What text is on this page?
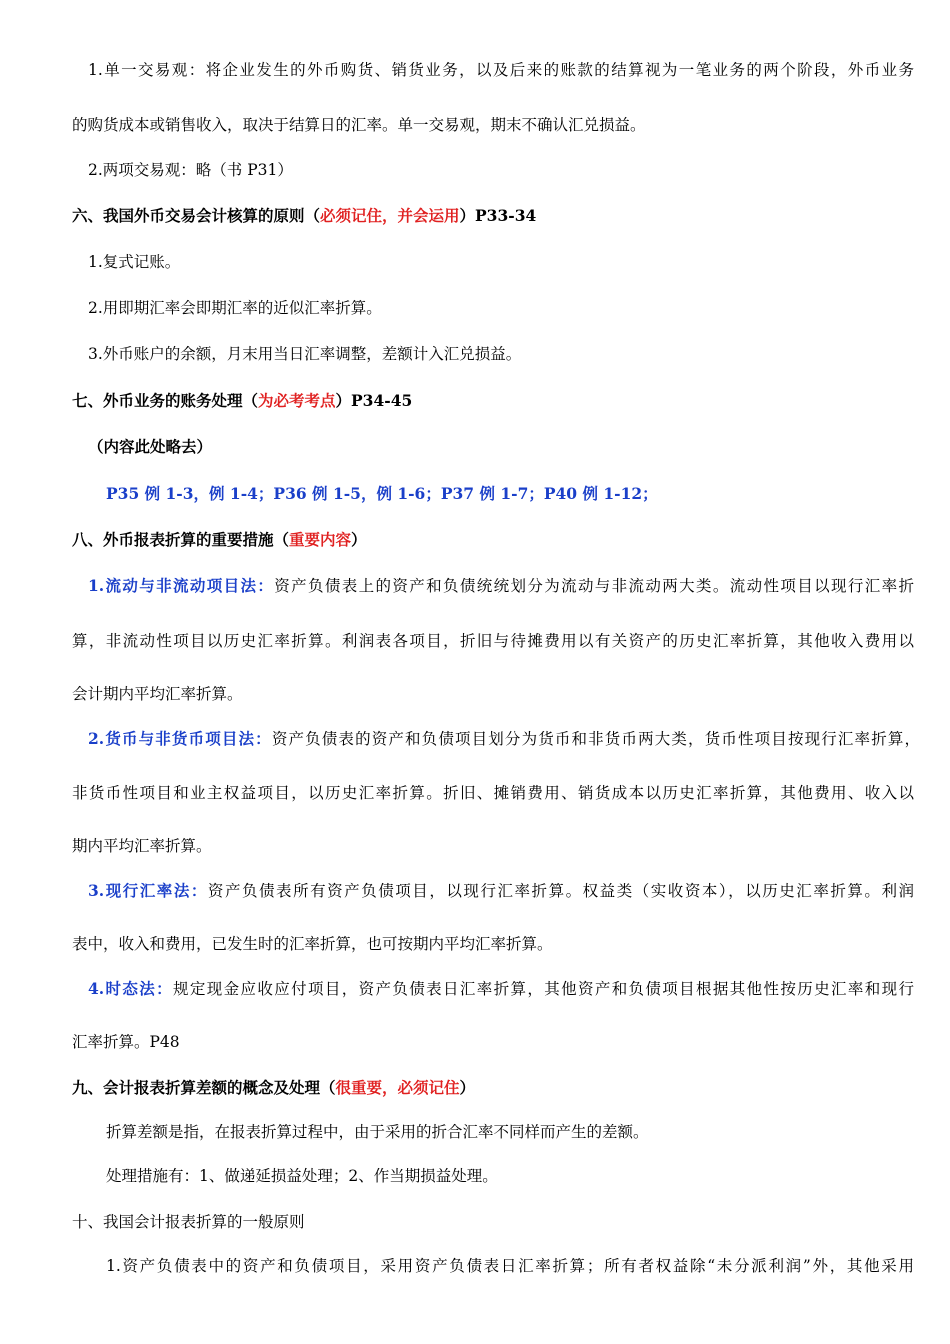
1.单一交易观：将企业发生的外币购货、销货业务，以及后来的账款的结算视为一笔业务的两个阶段，外币业务
的购货成本或销售收入，取决于结算日的汇率。单一交易观，期末不确认汇兑损益。
2.两项交易观：略（书 P31）
六、我国外币交易会计核算的原则（必须记住，并会运用）P33-34
1.复式记账。
2.用即期汇率会即期汇率的近似汇率折算。
3.外币账户的余额，月末用当日汇率调整，差额计入汇兑损益。
七、外币业务的账务处理（为必考考点）P34-45
（内容此处略去）
P35 例 1-3，例 1-4；P36 例 1-5，例 1-6；P37 例 1-7；P40 例 1-12；
八、外币报表折算的重要措施（重要内容）
1.流动与非流动项目法：资产负债表上的资产和负债统统划分为流动与非流动两大类。流动性项目以现行汇率折
算，非流动性项目以历史汇率折算。利润表各项目，折旧与待摊费用以有关资产的历史汇率折算，其他收入费用以
会计期内平均汇率折算。
2.货币与非货币项目法：资产负债表的资产和负债项目划分为货币和非货币两大类，货币性项目按现行汇率折算，
非货币性项目和业主权益项目，以历史汇率折算。折旧、摊销费用、销货成本以历史汇率折算，其他费用、收入以
期内平均汇率折算。
3.现行汇率法：资产负债表所有资产负债项目，以现行汇率折算。权益类（实收资本），以历史汇率折算。利润
表中，收入和费用，已发生时的汇率折算，也可按期内平均汇率折算。
4.时态法：规定现金应收应付项目，资产负债表日汇率折算，其他资产和负债项目根据其他性按历史汇率和现行
汇率折算。P48
九、会计报表折算差额的概念及处理（很重要，必须记住）
折算差额是指，在报表折算过程中，由于采用的折合汇率不同样而产生的差额。
处理措施有：1、做递延损益处理；2、作当期损益处理。
十、我国会计报表折算的一般原则
1.资产负债表中的资产和负债项目，采用资产负债表日汇率折算；所有者权益除“未分派利润”外，其他采用
